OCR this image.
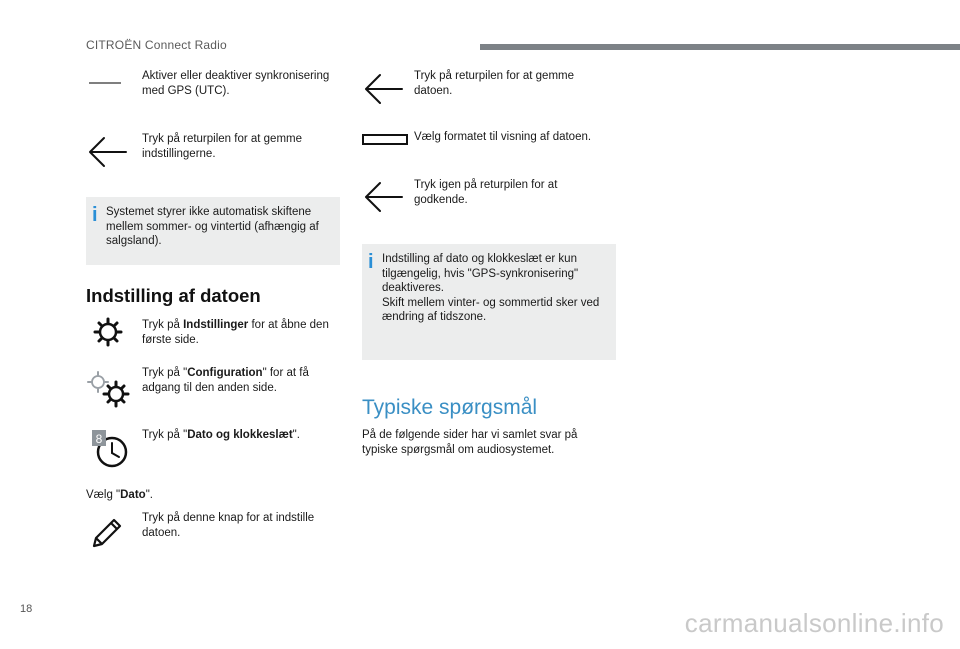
CITROËN Connect Radio
Aktiver eller deaktiver synkronisering med GPS (UTC).
Tryk på returpilen for at gemme indstillingerne.
i Systemet styrer ikke automatisk skiftene mellem sommer- og vintertid (afhængig af salgsland).
Indstilling af datoen
Tryk på Indstillinger for at åbne den første side.
Tryk på "Configuration" for at få adgang til den anden side.
8	Tryk på "Dato og klokkeslæt".
Vælg "Dato".
Tryk på denne knap for at indstille datoen.
Tryk på returpilen for at gemme datoen.
Vælg formatet til visning af datoen.
Tryk igen på returpilen for at godkende.
i Indstilling af dato og klokkeslæt er kun tilgængelig, hvis "GPS-synkronisering" deaktiveres.
Skift mellem vinter- og sommertid sker ved ændring af tidszone.
Typiske spørgsmål
På de følgende sider har vi samlet svar på typiske spørgsmål om audiosystemet.
18	carmanualsonline.info
